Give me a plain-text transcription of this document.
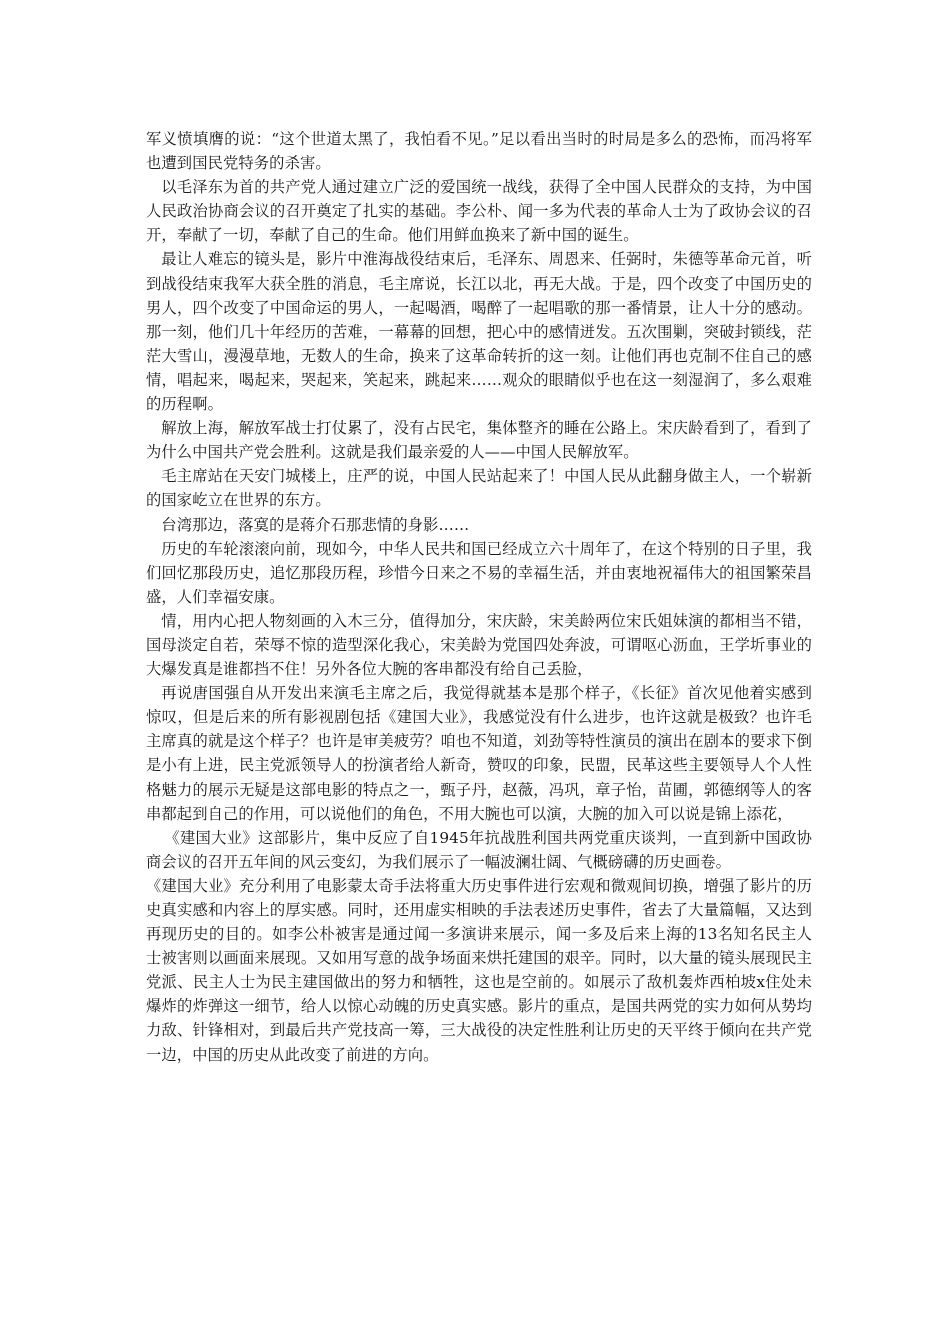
军义愤填膺的说：“这个世道太黑了，我怕看不见。”足以看出当时的时局是多么的恐怖，而冯将军也遭到国民党特务的杀害。

以毛泽东为首的共产党人通过建立广泛的爱国统一战线，获得了全中国人民群众的支持，为中国人民政治协商会议的召开奠定了扎实的基础。李公朴、闻一多为代表的革命人士为了政协会议的召开，奉献了一切，奉献了自己的生命。他们用鲜血换来了新中国的诞生。

最让人难忘的镜头是，影片中淮海战役结束后，毛泽东、周恩来、任弼时，朱德等革命元首，听到战役结束我军大获全胜的消息，毛主席说，长江以北，再无大战。于是，四个改变了中国历史的男人，四个改变了中国命运的男人，一起喝酒，喝醉了一起唱歌的那一番情景，让人十分的感动。那一刻，他们几十年经历的苦难，一幕幕的回想，把心中的感情迸发。五次围剿，突破封锁线，茫茫大雪山，漫漫草地，无数人的生命，换来了这革命转折的这一刻。让他们再也克制不住自己的感情，唱起来，喝起来，哭起来，笑起来，跳起来……观众的眼睛似乎也在这一刻湿润了，多么艰难的历程啊。

解放上海，解放军战士打仗累了，没有占民宅，集体整齐的睡在公路上。宋庆龄看到了，看到了为什么中国共产党会胜利。这就是我们最亲爱的人——中国人民解放军。

毛主席站在天安门城楼上，庄严的说，中国人民站起来了！中国人民从此翻身做主人，一个崭新的国家屹立在世界的东方。

台湾那边，落寞的是蒋介石那悲情的身影……

历史的车轮滚滚向前，现如今，中华人民共和国已经成立六十周年了，在这个特别的日子里，我们回忆那段历史，追忆那段历程，珍惜今日来之不易的幸福生活，并由衷地祝福伟大的祖国繁荣昌盛，人们幸福安康。

情，用内心把人物刻画的入木三分，值得加分，宋庆龄，宋美龄两位宋氏姐妹演的都相当不错，国母淡定自若，荣辱不惊的造型深化我心，宋美龄为党国四处奔波，可谓呕心沥血，王学圻事业的大爆发真是谁都挡不住！另外各位大腕的客串都没有给自己丢脸，

再说唐国强自从开发出来演毛主席之后，我觉得就基本是那个样子，《长征》首次见他着实感到惊叹，但是后来的所有影视剧包括《建国大业》，我感觉没有什么进步，也许这就是极致？也许毛主席真的就是这个样子？也许是审美疲劳？咱也不知道，刘劲等特性演员的演出在剧本的要求下倒是小有上进，民主党派领导人的扮演者给人新奇，赞叹的印象，民盟，民革这些主要领导人个人性格魅力的展示无疑是这部电影的特点之一，甄子丹，赵薇，冯巩，章子怡，苗圃，郭德纲等人的客串都起到自己的作用，可以说他们的角色，不用大腕也可以演，大腕的加入可以说是锦上添花，

《建国大业》这部影片，集中反应了自1945年抗战胜利国共两党重庆谈判，一直到新中国政协商会议的召开五年间的风云变幻，为我们展示了一幅波澜壮阔、气概磅礴的历史画卷。

《建国大业》充分利用了电影蒙太奇手法将重大历史事件进行宏观和微观间切换，增强了影片的历史真实感和内容上的厚实感。同时，还用虚实相映的手法表述历史事件，省去了大量篇幅，又达到再现历史的目的。如李公朴被害是通过闻一多演讲来展示，闻一多及后来上海的13名知名民主人士被害则以画面来展现。又如用写意的战争场面来烘托建国的艰辛。同时，以大量的镜头展现民主党派、民主人士为民主建国做出的努力和牺牲，这也是空前的。如展示了敌机轰炸西柏坡x住处未爆炸的炸弹这一细节，给人以惊心动魄的历史真实感。影片的重点，是国共两党的实力如何从势均力敌、针锋相对，到最后共产党技高一筹，三大战役的决定性胜利让历史的天平终于倾向在共产党一边，中国的历史从此改变了前进的方向。
